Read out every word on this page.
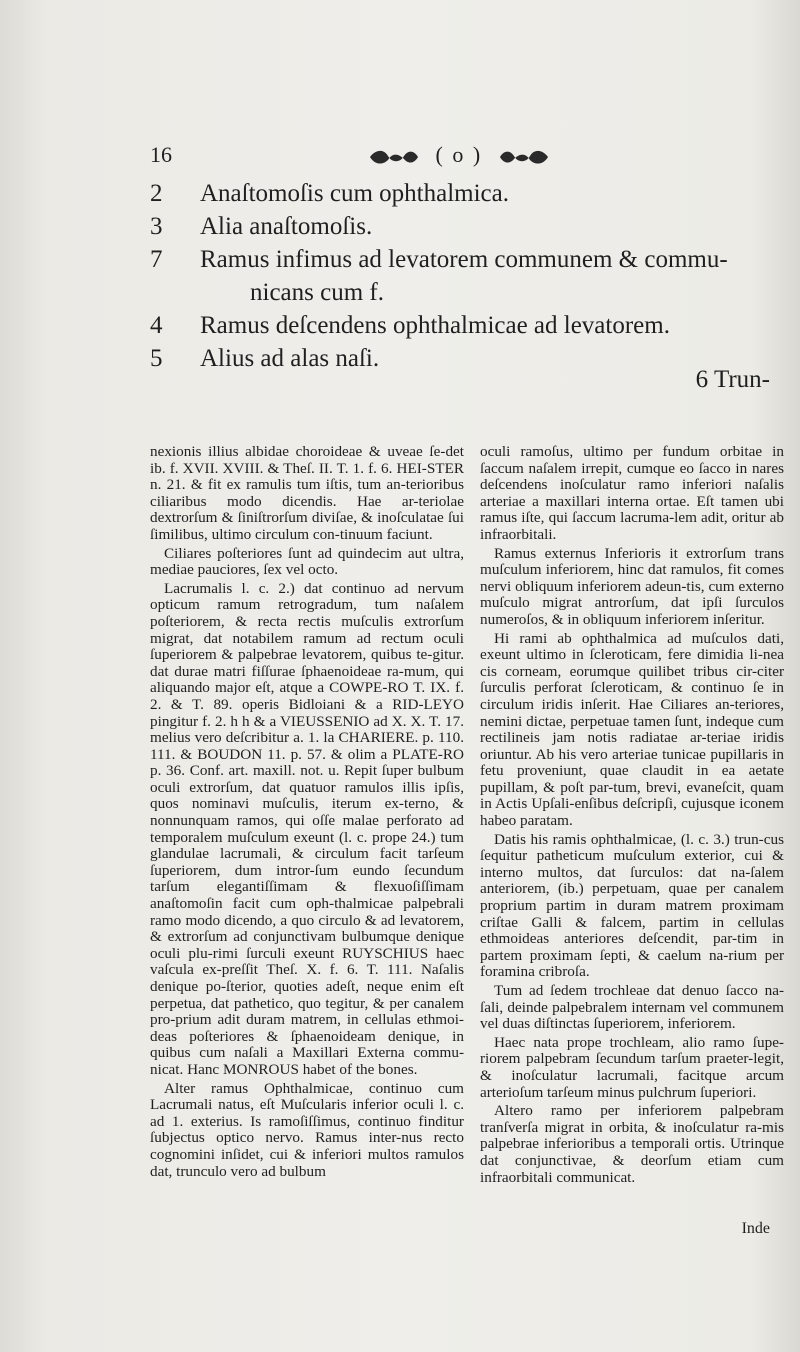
16	( o )
2	Anaſtomoſis cum ophthalmica.
3	Alia anaſtomoſis.
7	Ramus infimus ad levatorem communem & commu-
nicans cum f.
4	Ramus deſcendens ophthalmicae ad levatorem.
5	Alius ad alas naſi.
6 Trun-

nexionis illius albidae choroideae & uveae ſe-det ib. f. XVII. XVIII. & Theſ. II. T. 1. f. 6. HEI-STER n. 21. & fit ex ramulis tum iſtis, tum an-terioribus ciliaribus modo dicendis. Hae ar-teriolae dextrorſum & ſiniſtrorſum diviſae, & inoſculatae ſui ſimilibus, ultimo circulum con-tinuum faciunt.

Ciliares poſteriores ſunt ad quindecim aut ultra, mediae pauciores, ſex vel octo.

Lacrumalis l. c. 2.) dat continuo ad nervum opticum ramum retrogradum, tum naſalem poſteriorem, & recta rectis muſculis extrorſum migrat, dat notabilem ramum ad rectum oculi ſuperiorem & palpebrae levatorem, quibus te-gitur. dat durae matri fiſſurae ſphaenoideae ra-mum, qui aliquando major eſt, atque a COWPE-RO T. IX. f. 2. & T. 89. operis Bidloiani & a RID-LEYO pingitur f. 2. h h & a VIEUSSENIO ad X. X. T. 17. melius vero deſcribitur a. 1. la CHARIERE. p. 110. 111. & BOUDON 11. p. 57. & olim a PLATE-RO p. 36. Conf. art. maxill. not. u. Repit ſuper bulbum oculi extrorſum, dat quatuor ramulos illis ipſis, quos nominavi muſculis, iterum ex-terno, & nonnunquam ramos, qui oſſe malae perforato ad temporalem muſculum exeunt (l. c. prope 24.) tum glandulae lacrumali, & circulum facit tarſeum ſuperiorem, dum intror-ſum eundo ſecundum tarſum elegantiſſimam & flexuoſiſſimam anaſtomoſin facit cum oph-thalmicae palpebrali ramo modo dicendo, a quo circulo & ad levatorem, & extrorſum ad conjunctivam bulbumque denique oculi plu-rimi ſurculi exeunt RUYSCHIUS haec vaſcula ex-preſſit Theſ. X. f. 6. T. 111. Naſalis denique po-ſterior, quoties adeſt, neque enim eſt perpetua, dat pathetico, quo tegitur, & per canalem pro-prium adit duram matrem, in cellulas ethmoi-deas poſteriores & ſphaenoideam denique, in quibus cum naſali a Maxillari Externa commu-nicat. Hanc MONROUS habet of the bones.

Alter ramus Ophthalmicae, continuo cum Lacrumali natus, eſt Muſcularis inferior oculi l. c. ad 1. exterius. Is ramoſiſſimus, continuo finditur ſubjectus optico nervo. Ramus inter-nus recto cognomini inſidet, cui & inferiori multos ramulos dat, trunculo vero ad bulbum

oculi ramoſus, ultimo per fundum orbitae in ſaccum naſalem irrepit, cumque eo ſacco in nares deſcendens inoſculatur ramo inferiori naſalis arteriae a maxillari interna ortae. Eſt tamen ubi ramus iſte, qui ſaccum lacruma-lem adit, oritur ab infraorbitali.

Ramus externus Inferioris it extrorſum trans muſculum inferiorem, hinc dat ramulos, fit comes nervi obliquum inferiorem adeun-tis, cum externo muſculo migrat antrorſum, dat ipſi ſurculos numeroſos, & in obliquum inferiorem inſeritur.

Hi rami ab ophthalmica ad muſculos dati, exeunt ultimo in ſcleroticam, fere dimidia li-nea cis corneam, eorumque quilibet tribus cir-citer ſurculis perforat ſcleroticam, & continuo ſe in circulum iridis inſerit. Hae Ciliares an-teriores, nemini dictae, perpetuae tamen ſunt, indeque cum rectilineis jam notis radiatae ar-teriae iridis oriuntur. Ab his vero arteriae tunicae pupillaris in fetu proveniunt, quae claudit in ea aetate pupillam, & poſt par-tum, brevi, evaneſcit, quam in Actis Upſali-enſibus deſcripſi, cujusque iconem habeo paratam.

Datis his ramis ophthalmicae, (l. c. 3.) trun-cus ſequitur patheticum muſculum exterior, cui & interno multos, dat ſurculos: dat na-ſalem anteriorem, (ib.) perpetuam, quae per canalem proprium partim in duram matrem proximam criſtae Galli & falcem, partim in cellulas ethmoideas anteriores deſcendit, par-tim in partem proximam ſepti, & caelum na-rium per foramina cribroſa.

Tum ad ſedem trochleae dat denuo ſacco na-ſali, deinde palpebralem internam vel communem vel duas diſtinctas ſuperiorem, inferiorem.

Haec nata prope trochleam, alio ramo ſupe-riorem palpebram ſecundum tarſum praeter-legit, & inoſculatur lacrumali, facitque arcum arterioſum tarſeum minus pulchrum ſuperiori.

Altero ramo per inferiorem palpebram tranſverſa migrat in orbita, & inoſculatur ra-mis palpebrae inferioribus a temporali ortis. Utrinque dat conjunctivae, & deorſum etiam cum infraorbitali communicat.

Inde
